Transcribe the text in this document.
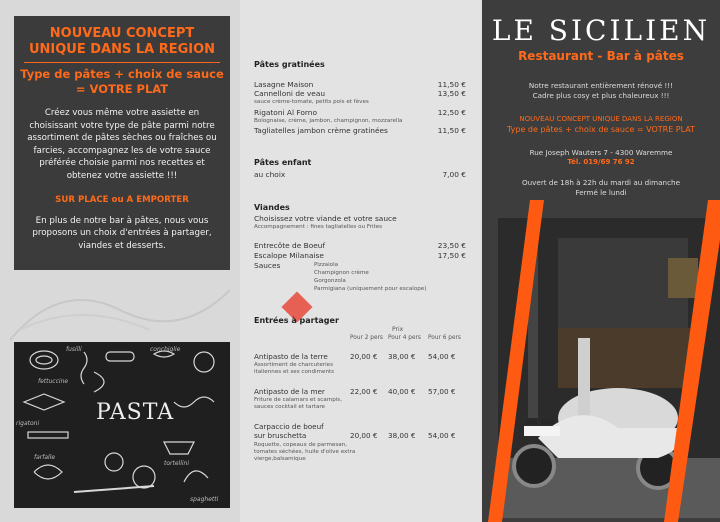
NOUVEAU CONCEPT
UNIQUE DANS LA REGION
Type de pâtes + choix de sauce
= VOTRE PLAT
Créez vous même votre assiette en choisissant votre type de pâte parmi notre assortiment de pâtes sèches ou fraîches ou farcies, accompagnez les de votre sauce préférée choisie parmi nos recettes et obtenez votre assiette !!!
SUR PLACE ou A EMPORTER
En plus de notre bar à pâtes, nous vous proposons un choix d'entrées à partager, viandes et desserts.
PASTA
fusilli	conchiglie
fettuccine
rigatoni
farfalle
tortellini
spaghetti
Pâtes gratinées
Lasagne Maison	11,50 €
Cannelloni de veau	13,50 €
sauce crème-tomate, petits pois et fèves
Rigatoni Al Forno	12,50 €
Bolognaise, crème, jambon, champignon, mozzarella
Tagliatelles jambon crème gratinées	11,50 €
Pâtes enfant
au choix	7,00 €
Viandes
Choisissez votre viande et votre sauce
Accompagnement : fines tagliatelles ou Frites
Entrecôte de Boeuf	23,50 €
Escalope Milanaise	17,50 €
Sauces	Pizzaiola
Champignon crème
Gorgonzola
Parmigiana (uniquement pour escalope)
Entrées à partager
Prix
Pour 2 pers Pour 4 pers Pour 6 pers
Antipasto de la terre	20,00 € 38,00 € 54,00 €
Assortiment de charcuteries italiennes et ses condiments
Antipasto de la mer	22,00 € 40,00 € 57,00 €
Friture de calamars et scampis, sauces cocktail et tartare
Carpaccio de boeuf
sur bruschetta	20,00 € 38,00 € 54,00 €
Roquette, copeaux de parmesan, tomates séchées, huile d'olive extra vierge,balsamique
LE SICILIEN
Restaurant - Bar à pâtes
Notre restaurant entièrement rénové !!!
Cadre plus cosy et plus chaleureux !!!
NOUVEAU CONCEPT UNIQUE DANS LA REGION
Type de pâtes + choix de sauce = VOTRE PLAT
Rue Joseph Wauters 7 - 4300 Waremme
Tél. 019/69 76 92
Ouvert de 18h à 22h du mardi au dimanche
Fermé le lundi
XHR 1558
